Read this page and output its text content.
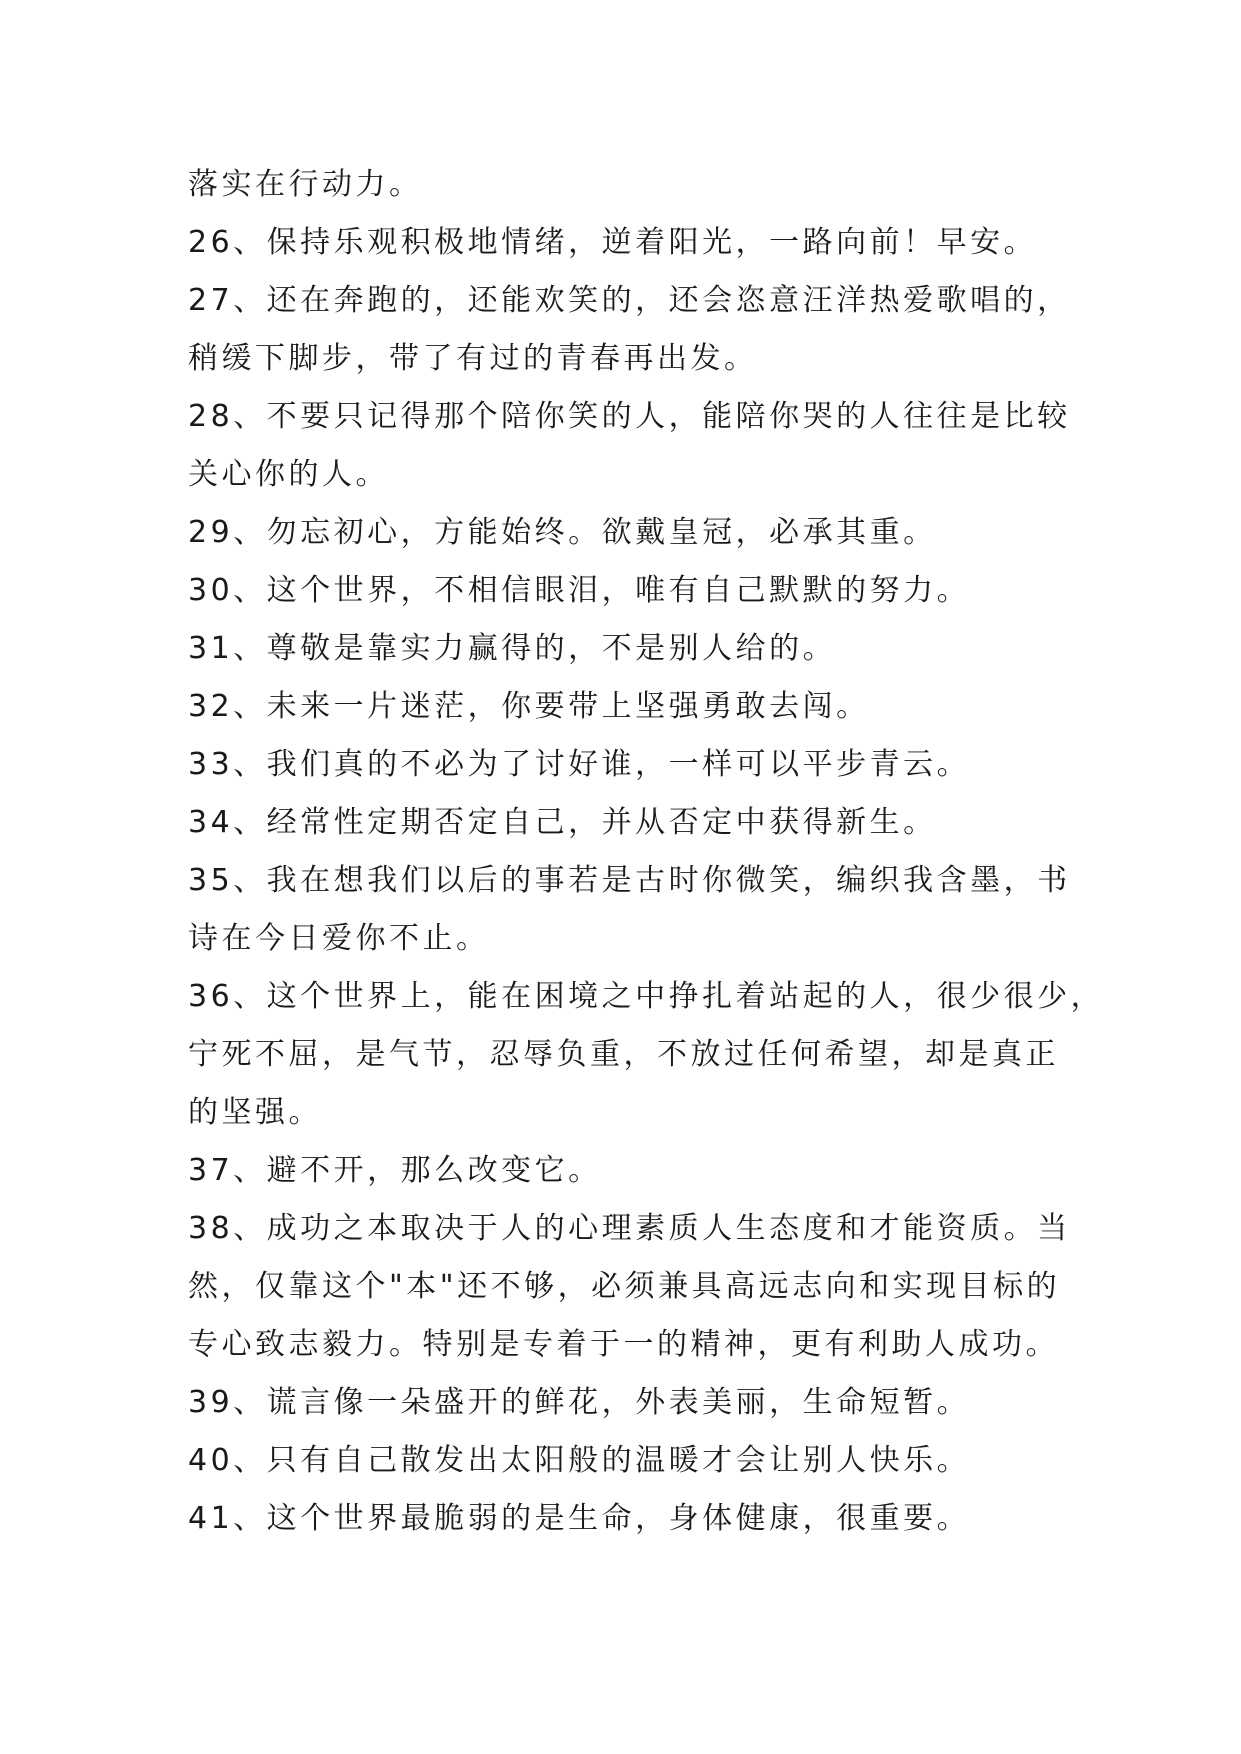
落实在行动力。
26、保持乐观积极地情绪，逆着阳光，一路向前！早安。
27、还在奔跑的，还能欢笑的，还会恣意汪洋热爱歌唱的，
稍缓下脚步，带了有过的青春再出发。
28、不要只记得那个陪你笑的人，能陪你哭的人往往是比较
关心你的人。
29、勿忘初心，方能始终。欲戴皇冠，必承其重。
30、这个世界，不相信眼泪，唯有自己默默的努力。
31、尊敬是靠实力赢得的，不是别人给的。
32、未来一片迷茫，你要带上坚强勇敢去闯。
33、我们真的不必为了讨好谁，一样可以平步青云。
34、经常性定期否定自己，并从否定中获得新生。
35、我在想我们以后的事若是古时你微笑，编织我含墨，书
诗在今日爱你不止。
36、这个世界上，能在困境之中挣扎着站起的人，很少很少，
宁死不屈，是气节，忍辱负重，不放过任何希望，却是真正
的坚强。
37、避不开，那么改变它。
38、成功之本取决于人的心理素质人生态度和才能资质。当
然，仅靠这个"本"还不够，必须兼具高远志向和实现目标的
专心致志毅力。特别是专着于一的精神，更有利助人成功。
39、谎言像一朵盛开的鲜花，外表美丽，生命短暂。
40、只有自己散发出太阳般的温暖才会让别人快乐。
41、这个世界最脆弱的是生命，身体健康，很重要。
